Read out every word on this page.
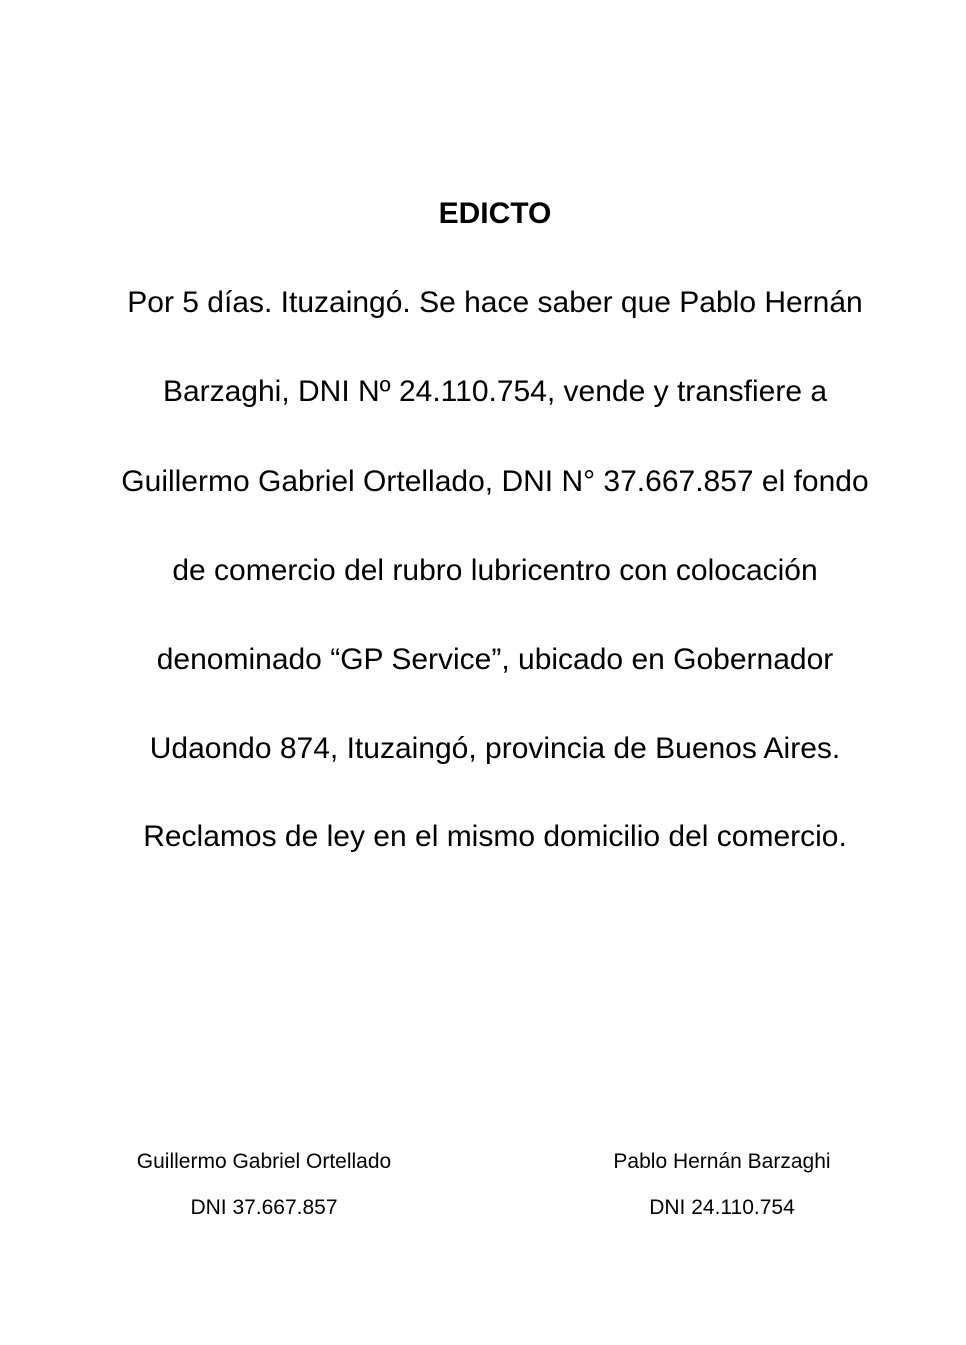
EDICTO

Por 5 días. Ituzaingó. Se hace saber que Pablo Hernán

Barzaghi, DNI Nº 24.110.754, vende y transfiere a

Guillermo Gabriel Ortellado, DNI N° 37.667.857 el fondo

de comercio del rubro lubricentro con colocación

denominado “GP Service”, ubicado en Gobernador

Udaondo 874, Ituzaingó, provincia de Buenos Aires.

Reclamos de ley en el mismo domicilio del comercio.

Guillermo Gabriel Ortellado

DNI 37.667.857

Pablo Hernán Barzaghi

DNI 24.110.754
